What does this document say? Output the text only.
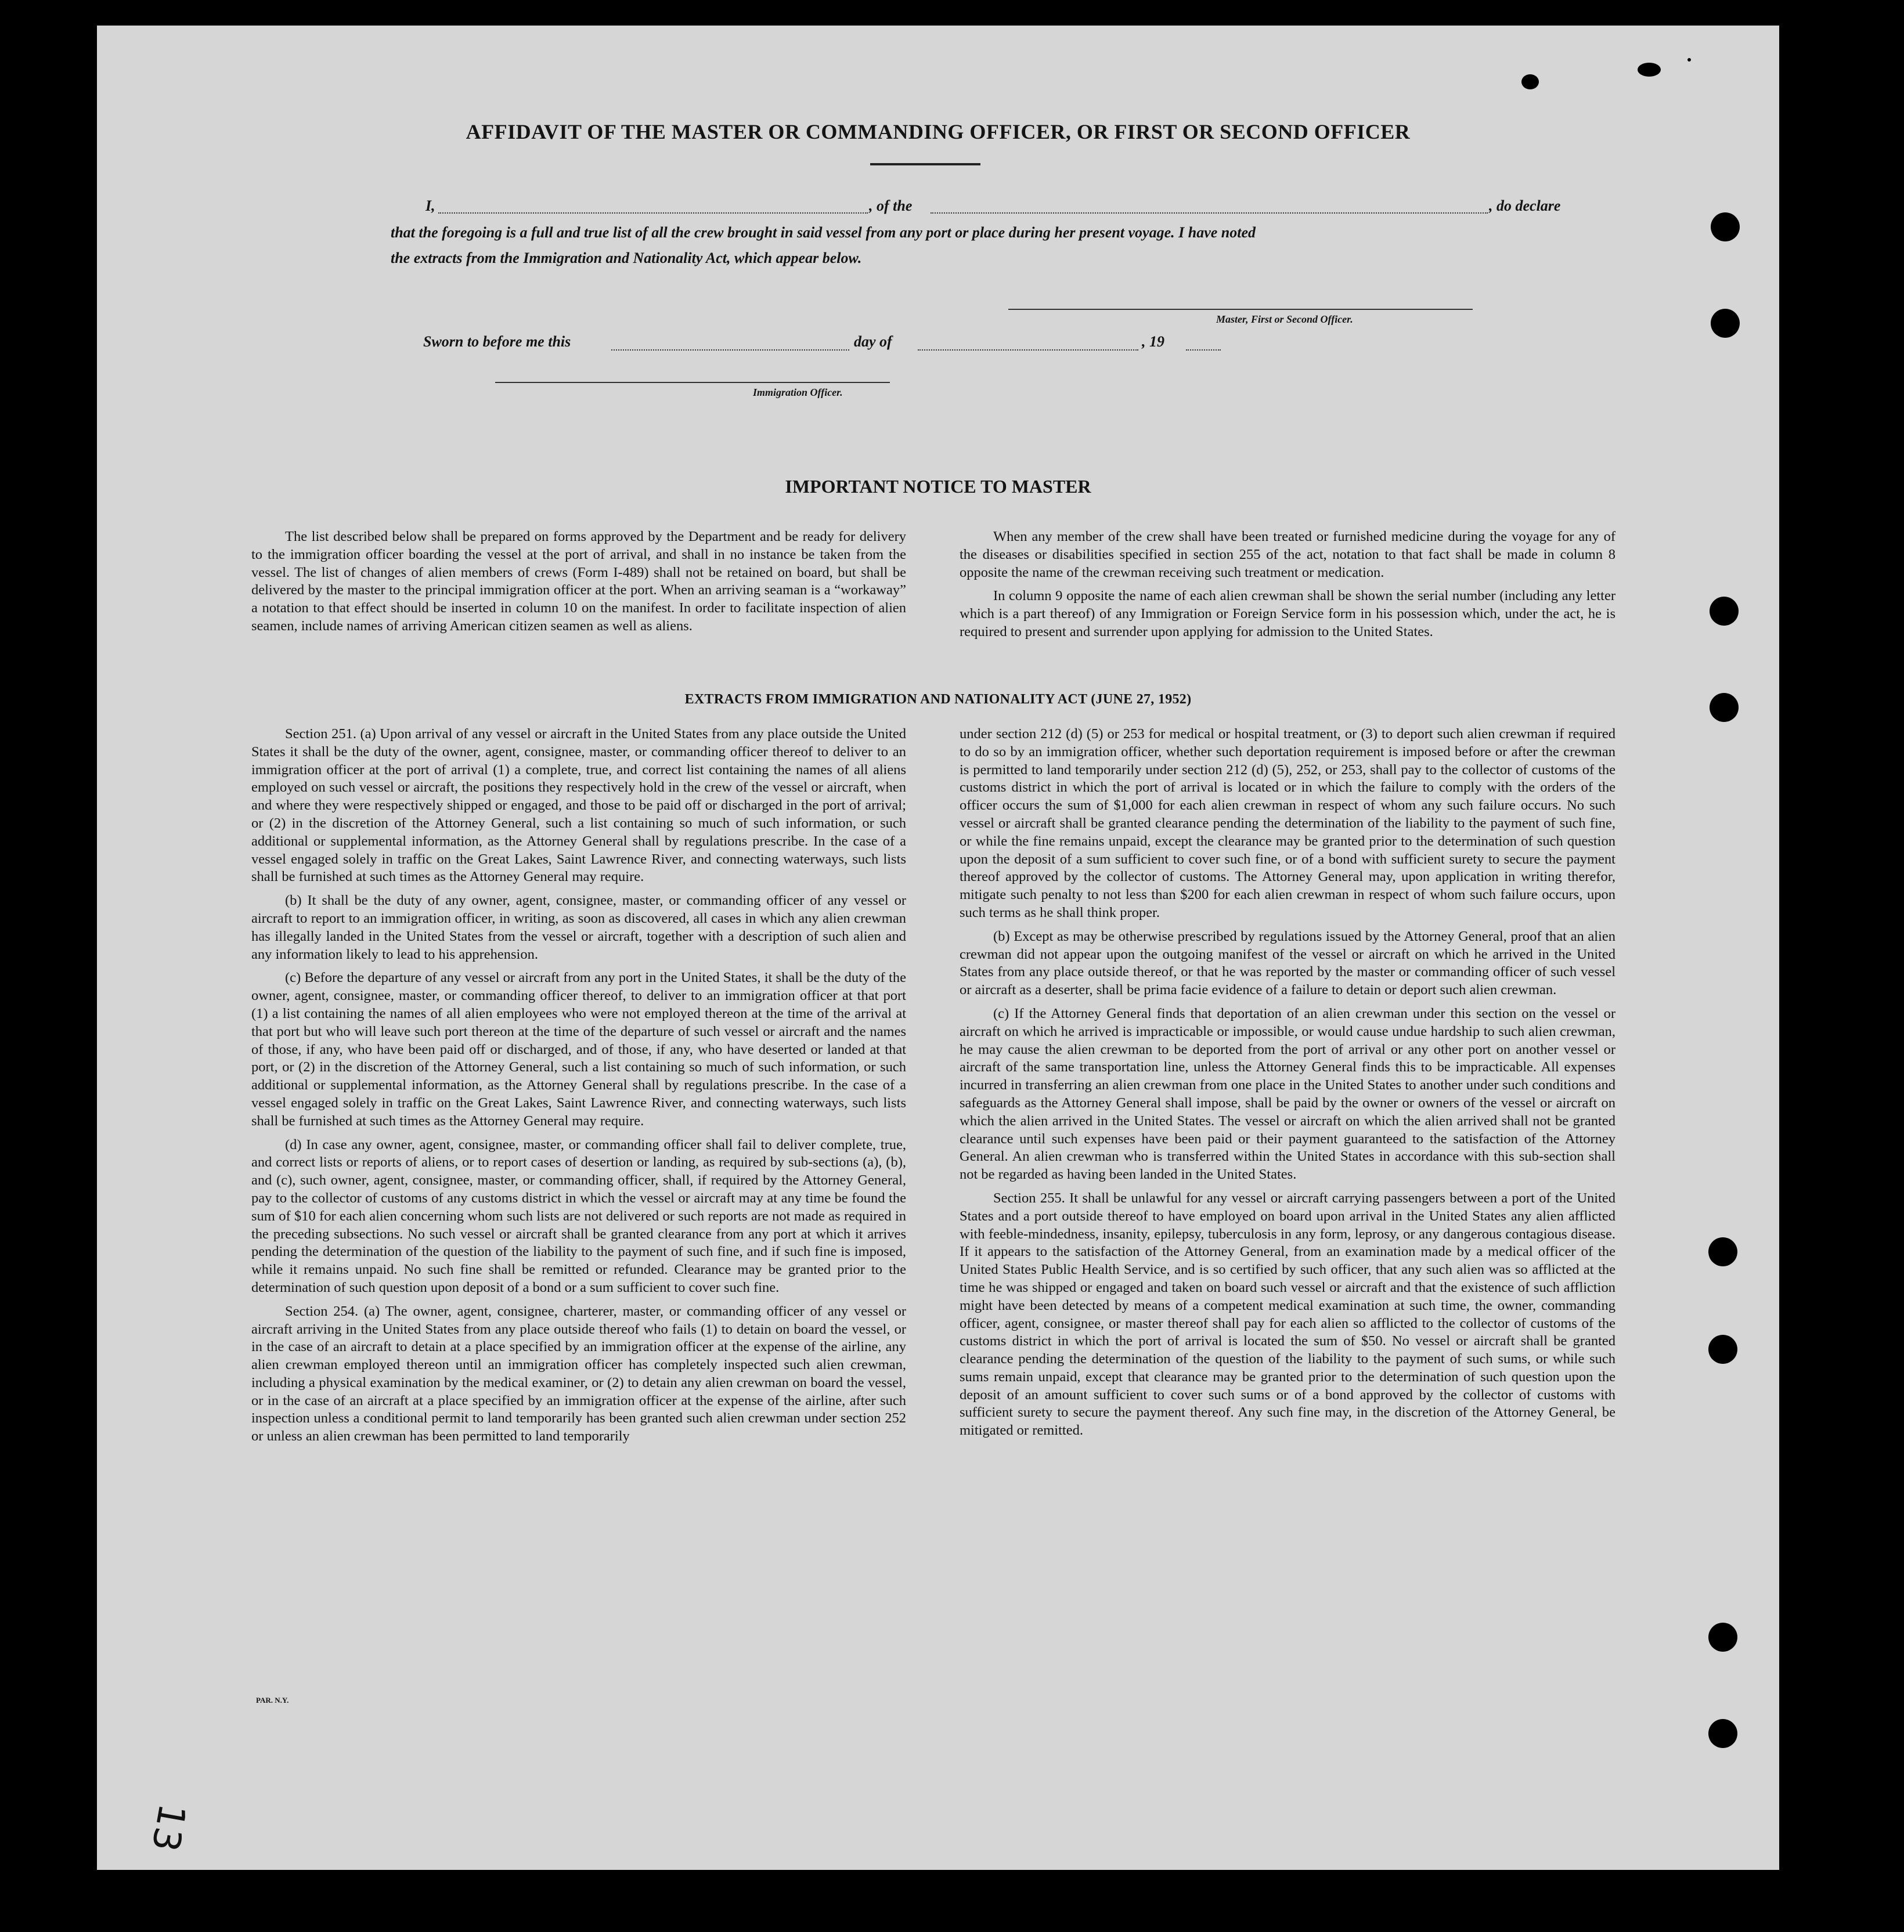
AFFIDAVIT OF THE MASTER OR COMMANDING OFFICER, OR FIRST OR SECOND OFFICER
I,	, of the	, do declare
that the foregoing is a full and true list of all the crew brought in said vessel from any port or place during her present voyage. I have noted
the extracts from the Immigration and Nationality Act, which appear below.
Master, First or Second Officer.
Sworn to before me this	day of	, 19
Immigration Officer.
IMPORTANT NOTICE TO MASTER

The list described below shall be prepared on forms approved by the Department and be ready for delivery to the immigration officer boarding the vessel at the port of arrival, and shall in no instance be taken from the vessel. The list of changes of alien members of crews (Form I-489) shall not be retained on board, but shall be delivered by the master to the principal immigration officer at the port. When an arriving seaman is a “workaway” a notation to that effect should be inserted in column 10 on the manifest. In order to facilitate inspection of alien seamen, include names of arriving American citizen seamen as well as aliens.

When any member of the crew shall have been treated or furnished medicine during the voyage for any of the diseases or disabilities specified in section 255 of the act, notation to that fact shall be made in column 8 opposite the name of the crewman receiving such treatment or medication.

In column 9 opposite the name of each alien crewman shall be shown the serial number (including any letter which is a part thereof) of any Immigration or Foreign Service form in his possession which, under the act, he is required to present and surrender upon applying for admission to the United States.

EXTRACTS FROM IMMIGRATION AND NATIONALITY ACT (JUNE 27, 1952)

Section 251. (a) Upon arrival of any vessel or aircraft in the United States from any place outside the United States it shall be the duty of the owner, agent, consignee, master, or commanding officer thereof to deliver to an immigration officer at the port of arrival (1) a complete, true, and correct list containing the names of all aliens employed on such vessel or aircraft, the positions they respectively hold in the crew of the vessel or aircraft, when and where they were respectively shipped or engaged, and those to be paid off or discharged in the port of arrival; or (2) in the discretion of the Attorney General, such a list containing so much of such information, or such additional or supplemental information, as the Attorney General shall by regulations prescribe. In the case of a vessel engaged solely in traffic on the Great Lakes, Saint Lawrence River, and connecting waterways, such lists shall be furnished at such times as the Attorney General may require.

(b) It shall be the duty of any owner, agent, consignee, master, or commanding officer of any vessel or aircraft to report to an immigration officer, in writing, as soon as discovered, all cases in which any alien crewman has illegally landed in the United States from the vessel or aircraft, together with a description of such alien and any information likely to lead to his apprehension.

(c) Before the departure of any vessel or aircraft from any port in the United States, it shall be the duty of the owner, agent, consignee, master, or commanding officer thereof, to deliver to an immigration officer at that port (1) a list containing the names of all alien employees who were not employed thereon at the time of the arrival at that port but who will leave such port thereon at the time of the departure of such vessel or aircraft and the names of those, if any, who have been paid off or discharged, and of those, if any, who have deserted or landed at that port, or (2) in the discretion of the Attorney General, such a list containing so much of such information, or such additional or supplemental information, as the Attorney General shall by regulations prescribe. In the case of a vessel engaged solely in traffic on the Great Lakes, Saint Lawrence River, and connecting waterways, such lists shall be furnished at such times as the Attorney General may require.

(d) In case any owner, agent, consignee, master, or commanding officer shall fail to deliver complete, true, and correct lists or reports of aliens, or to report cases of desertion or landing, as required by sub-sections (a), (b), and (c), such owner, agent, consignee, master, or commanding officer, shall, if required by the Attorney General, pay to the collector of customs of any customs district in which the vessel or aircraft may at any time be found the sum of $10 for each alien concerning whom such lists are not delivered or such reports are not made as required in the preceding subsections. No such vessel or aircraft shall be granted clearance from any port at which it arrives pending the determination of the question of the liability to the payment of such fine, and if such fine is imposed, while it remains unpaid. No such fine shall be remitted or refunded. Clearance may be granted prior to the determination of such question upon deposit of a bond or a sum sufficient to cover such fine.

Section 254. (a) The owner, agent, consignee, charterer, master, or commanding officer of any vessel or aircraft arriving in the United States from any place outside thereof who fails (1) to detain on board the vessel, or in the case of an aircraft to detain at a place specified by an immigration officer at the expense of the airline, any alien crewman employed thereon until an immigration officer has completely inspected such alien crewman, including a physical examination by the medical examiner, or (2) to detain any alien crewman on board the vessel, or in the case of an aircraft at a place specified by an immigration officer at the expense of the airline, after such inspection unless a conditional permit to land temporarily has been granted such alien crewman under section 252 or unless an alien crewman has been permitted to land temporarily

under section 212 (d) (5) or 253 for medical or hospital treatment, or (3) to deport such alien crewman if required to do so by an immigration officer, whether such deportation requirement is imposed before or after the crewman is permitted to land temporarily under section 212 (d) (5), 252, or 253, shall pay to the collector of customs of the customs district in which the port of arrival is located or in which the failure to comply with the orders of the officer occurs the sum of $1,000 for each alien crewman in respect of whom any such failure occurs. No such vessel or aircraft shall be granted clearance pending the determination of the liability to the payment of such fine, or while the fine remains unpaid, except the clearance may be granted prior to the determination of such question upon the deposit of a sum sufficient to cover such fine, or of a bond with sufficient surety to secure the payment thereof approved by the collector of customs. The Attorney General may, upon application in writing therefor, mitigate such penalty to not less than $200 for each alien crewman in respect of whom such failure occurs, upon such terms as he shall think proper.

(b) Except as may be otherwise prescribed by regulations issued by the Attorney General, proof that an alien crewman did not appear upon the outgoing manifest of the vessel or aircraft on which he arrived in the United States from any place outside thereof, or that he was reported by the master or commanding officer of such vessel or aircraft as a deserter, shall be prima facie evidence of a failure to detain or deport such alien crewman.

(c) If the Attorney General finds that deportation of an alien crewman under this section on the vessel or aircraft on which he arrived is impracticable or impossible, or would cause undue hardship to such alien crewman, he may cause the alien crewman to be deported from the port of arrival or any other port on another vessel or aircraft of the same transportation line, unless the Attorney General finds this to be impracticable. All expenses incurred in transferring an alien crewman from one place in the United States to another under such conditions and safeguards as the Attorney General shall impose, shall be paid by the owner or owners of the vessel or aircraft on which the alien arrived in the United States. The vessel or aircraft on which the alien arrived shall not be granted clearance until such expenses have been paid or their payment guaranteed to the satisfaction of the Attorney General. An alien crewman who is transferred within the United States in accordance with this sub-section shall not be regarded as having been landed in the United States.

Section 255. It shall be unlawful for any vessel or aircraft carrying passengers between a port of the United States and a port outside thereof to have employed on board upon arrival in the United States any alien afflicted with feeble-mindedness, insanity, epilepsy, tuberculosis in any form, leprosy, or any dangerous contagious disease. If it appears to the satisfaction of the Attorney General, from an examination made by a medical officer of the United States Public Health Service, and is so certified by such officer, that any such alien was so afflicted at the time he was shipped or engaged and taken on board such vessel or aircraft and that the existence of such affliction might have been detected by means of a competent medical examination at such time, the owner, commanding officer, agent, consignee, or master thereof shall pay for each alien so afflicted to the collector of customs of the customs district in which the port of arrival is located the sum of $50. No vessel or aircraft shall be granted clearance pending the determination of the question of the liability to the payment of such sums, or while such sums remain unpaid, except that clearance may be granted prior to the determination of such question upon the deposit of an amount sufficient to cover such sums or of a bond approved by the collector of customs with sufficient surety to secure the payment thereof. Any such fine may, in the discretion of the Attorney General, be mitigated or remitted.

PAR. N.Y.
13
